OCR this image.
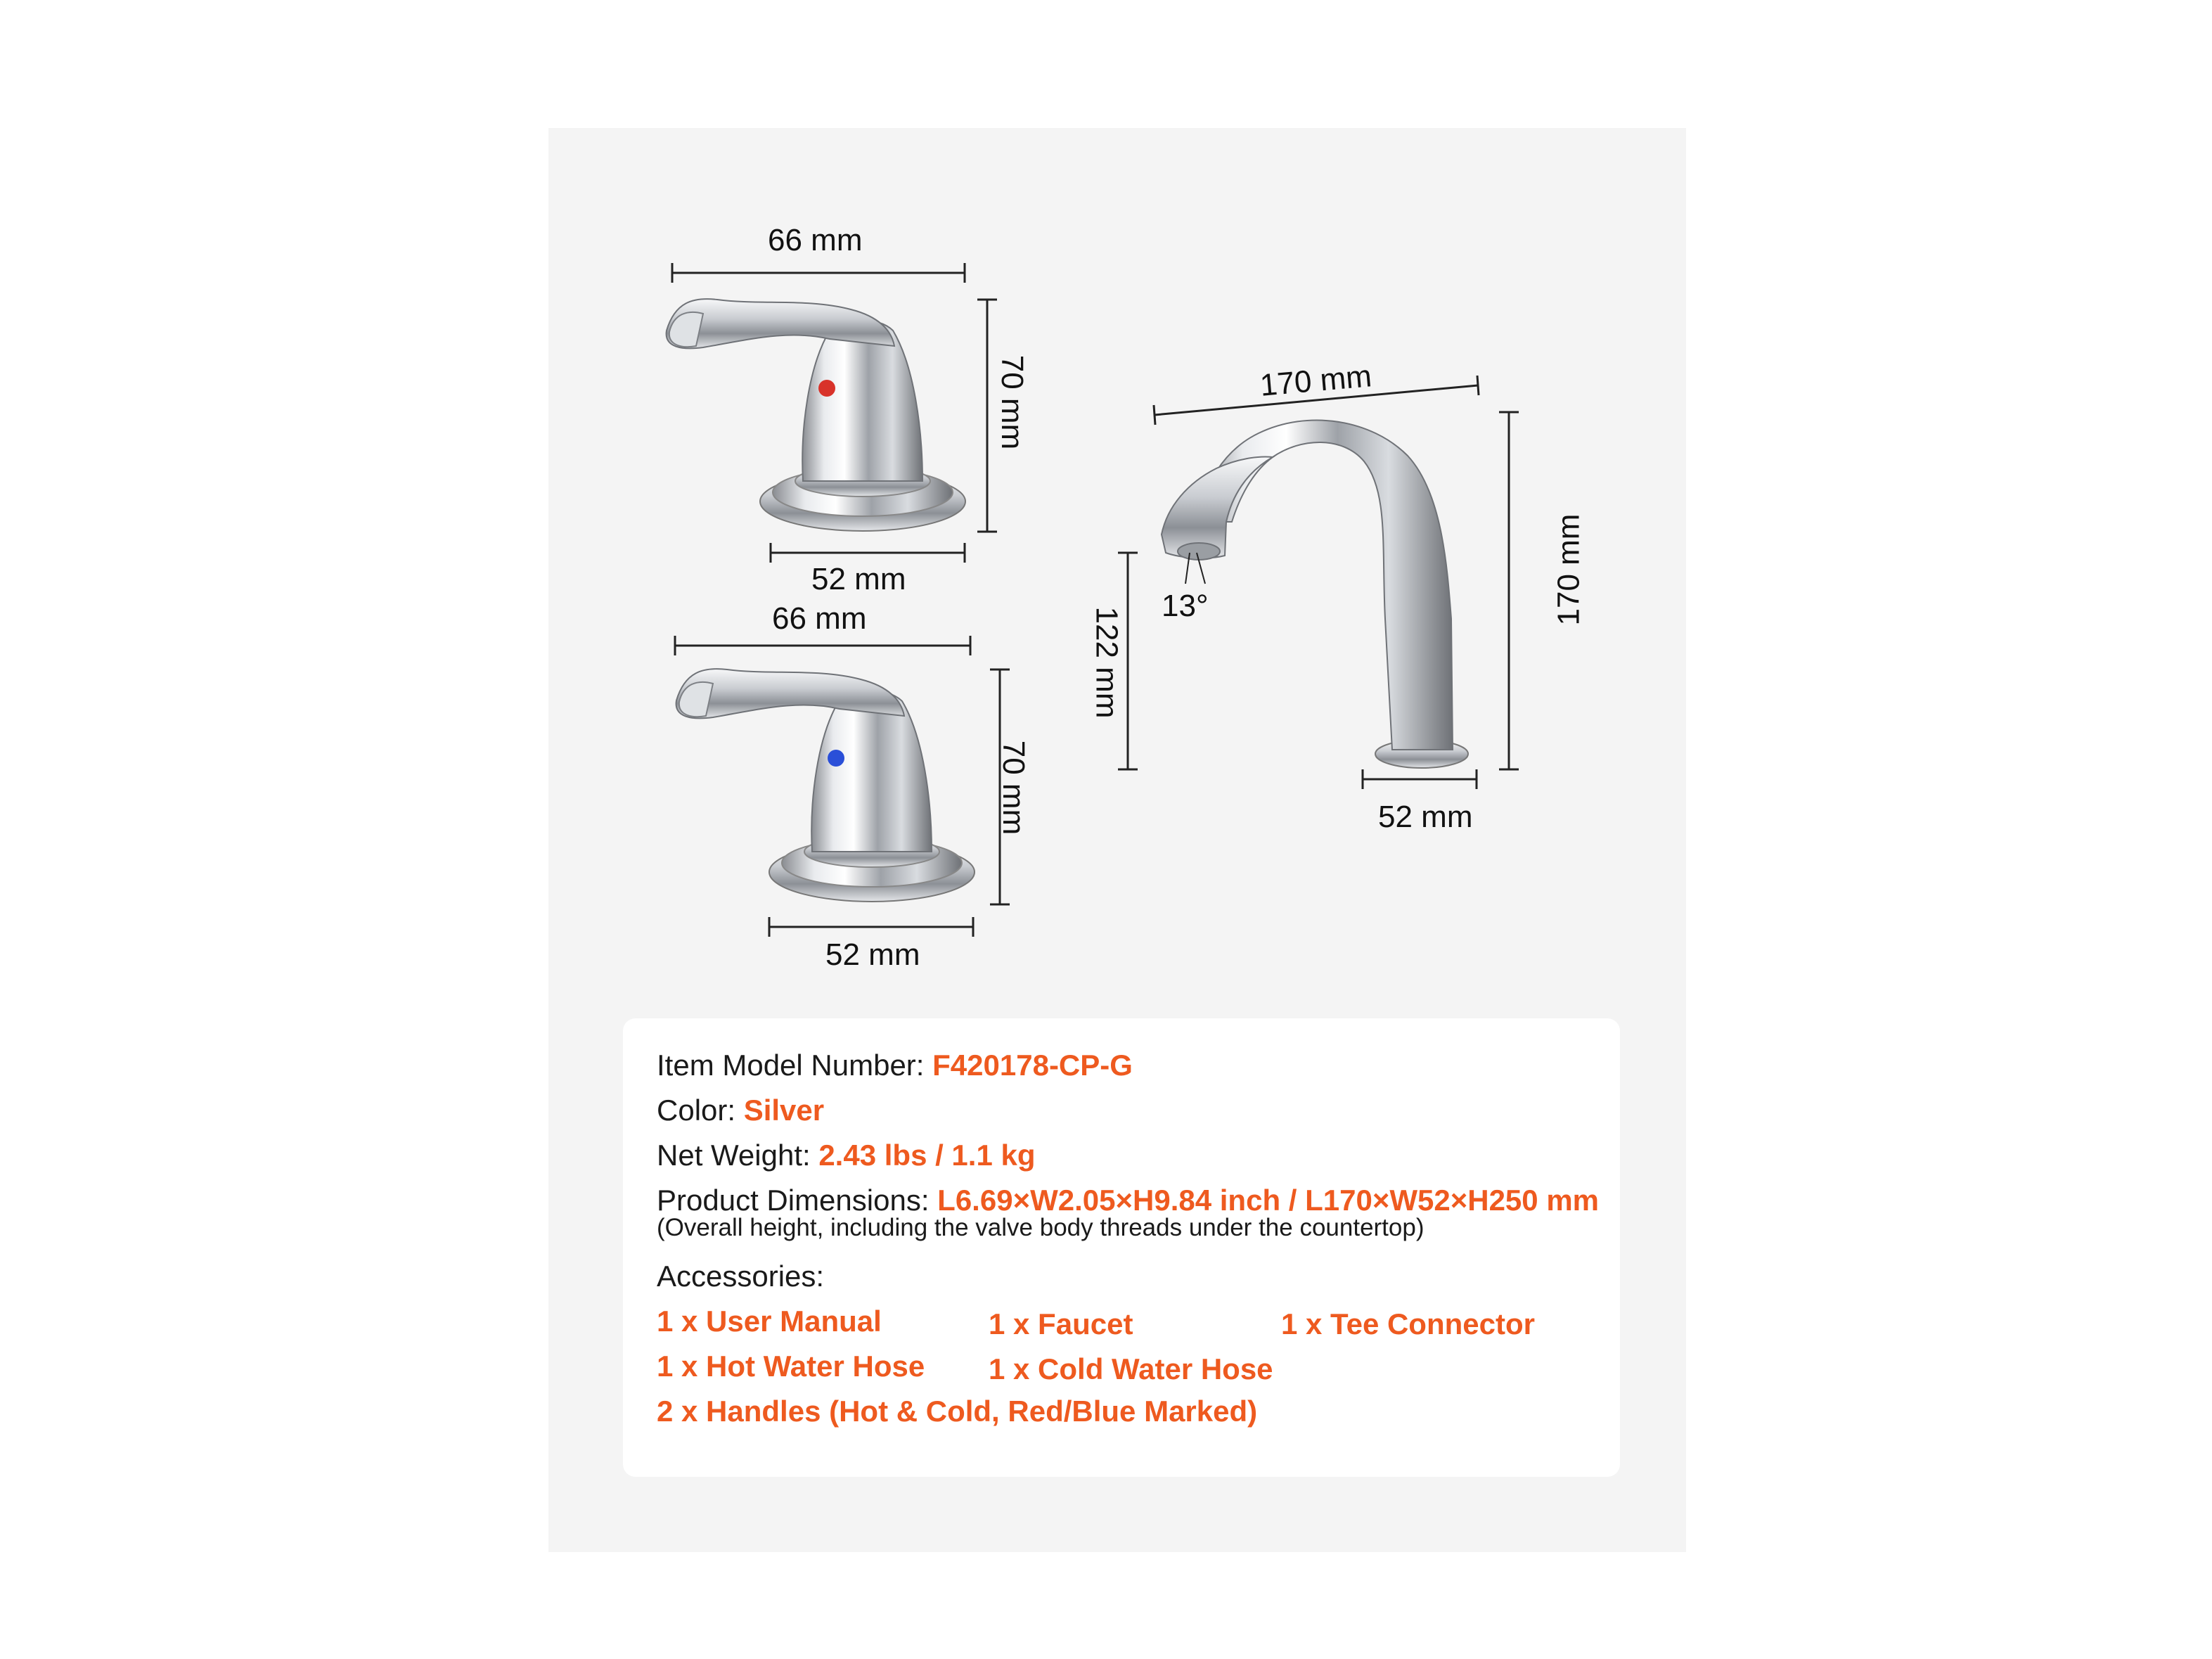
66 mm
70 mm
52 mm
66 mm
70 mm
52 mm
170 mm
170 mm
122 mm
13°
52 mm
Item Model Number: F420178-CP-G
Color: Silver
Net Weight: 2.43 lbs / 1.1 kg
Product Dimensions: L6.69×W2.05×H9.84 inch / L170×W52×H250 mm
(Overall height, including the valve body threads under the countertop)
Accessories:
1 x User Manual	1 x Faucet	1 x Tee Connector
1 x Hot Water Hose 1 x Cold Water Hose
2 x Handles (Hot & Cold, Red/Blue Marked)
